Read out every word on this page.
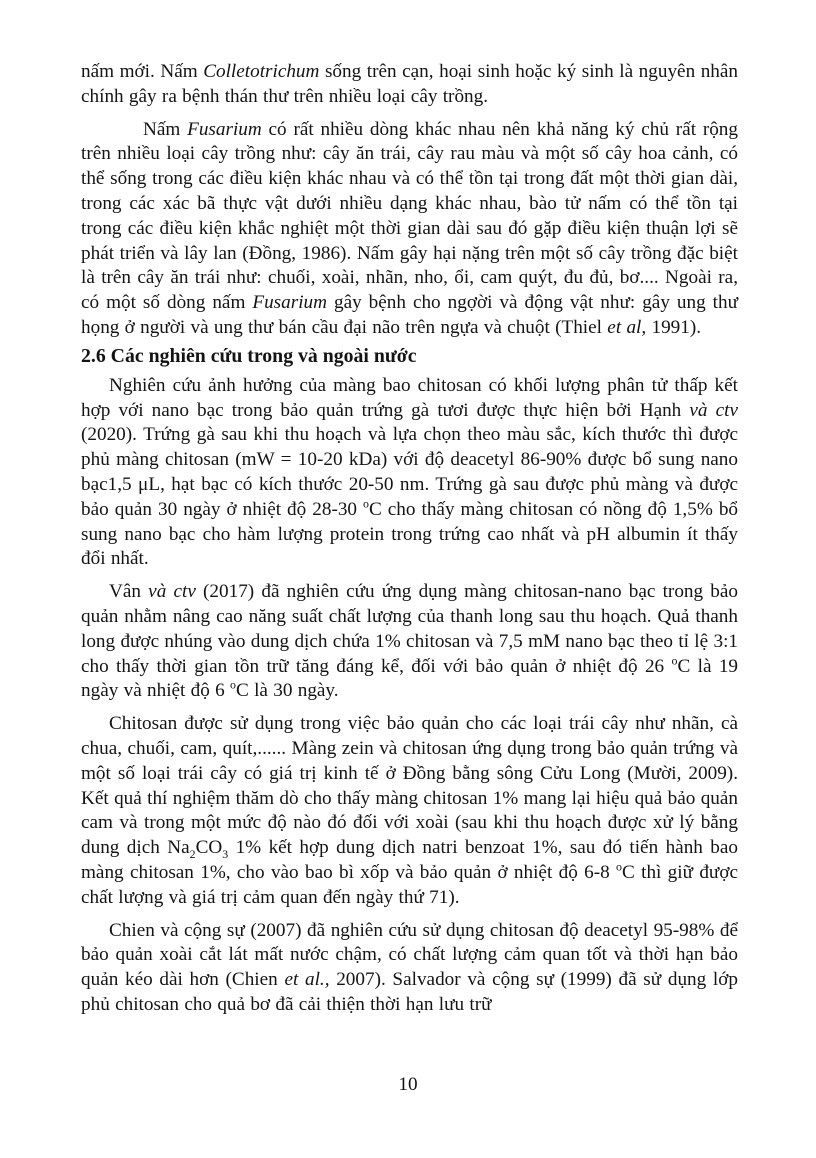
nấm mới. Nấm Colletotrichum sống trên cạn, hoại sinh hoặc ký sinh là nguyên nhân chính gây ra bệnh thán thư trên nhiều loại cây trồng.

Nấm Fusarium có rất nhiều dòng khác nhau nên khả năng ký chủ rất rộng trên nhiều loại cây trồng như: cây ăn trái, cây rau màu và một số cây hoa cảnh, có thể sống trong các điều kiện khác nhau và có thể tồn tại trong đất một thời gian dài, trong các xác bã thực vật dưới nhiều dạng khác nhau, bào tử nấm có thể tồn tại trong các điều kiện khắc nghiệt một thời gian dài sau đó gặp điều kiện thuận lợi sẽ phát triển và lây lan (Đồng, 1986). Nấm gây hại nặng trên một số cây trồng đặc biệt là trên cây ăn trái như: chuối, xoài, nhãn, nho, ổi, cam quýt, đu đủ, bơ.... Ngoài ra, có một số dòng nấm Fusarium gây bệnh cho ngợời và động vật như: gây ung thư họng ở người và ung thư bán cầu đại não trên ngựa và chuột (Thiel et al, 1991).

2.6 Các nghiên cứu trong và ngoài nước

Nghiên cứu ảnh hưởng của màng bao chitosan có khối lượng phân tử thấp kết hợp với nano bạc trong bảo quản trứng gà tươi được thực hiện bởi Hạnh và ctv (2020). Trứng gà sau khi thu hoạch và lựa chọn theo màu sắc, kích thước thì được phủ màng chitosan (mW = 10-20 kDa) với độ deacetyl 86-90% được bổ sung nano bạc1,5 μL, hạt bạc có kích thước 20-50 nm. Trứng gà sau được phủ màng và được bảo quản 30 ngày ở nhiệt độ 28-30 $^o$C cho thấy màng chitosan có nồng độ 1,5% bổ sung nano bạc cho hàm lượng protein trong trứng cao nhất và pH albumin ít thấy đổi nhất.

Vân và ctv (2017) đã nghiên cứu ứng dụng màng chitosan-nano bạc trong bảo quản nhằm nâng cao năng suất chất lượng của thanh long sau thu hoạch. Quả thanh long được nhúng vào dung dịch chứa 1% chitosan và 7,5 mM nano bạc theo tỉ lệ 3:1 cho thấy thời gian tồn trữ tăng đáng kể, đối với bảo quản ở nhiệt độ 26 $^o$C là 19 ngày và nhiệt độ 6 $^o$C là 30 ngày.

Chitosan được sử dụng trong việc bảo quản cho các loại trái cây như nhãn, cà chua, chuối, cam, quít,...... Màng zein và chitosan ứng dụng trong bảo quản trứng và một số loại trái cây có giá trị kinh tế ở Đồng bằng sông Cửu Long (Mười, 2009). Kết quả thí nghiệm thăm dò cho thấy màng chitosan 1% mang lại hiệu quả bảo quản cam và trong một mức độ nào đó đối với xoài (sau khi thu hoạch được xử lý bằng dung dịch $Na_2CO_3$ 1% kết hợp dung dịch natri benzoat 1%, sau đó tiến hành bao màng chitosan 1%, cho vào bao bì xốp và bảo quản ở nhiệt độ 6-8 $^o$C thì giữ được chất lượng và giá trị cảm quan đến ngày thứ 71).

Chien và cộng sự (2007) đã nghiên cứu sử dụng chitosan độ deacetyl 95-98% để bảo quản xoài cắt lát mất nước chậm, có chất lượng cảm quan tốt và thời hạn bảo quản kéo dài hơn (Chien et al., 2007). Salvador và cộng sự (1999) đã sử dụng lớp phủ chitosan cho quả bơ đã cải thiện thời hạn lưu trữ

10
